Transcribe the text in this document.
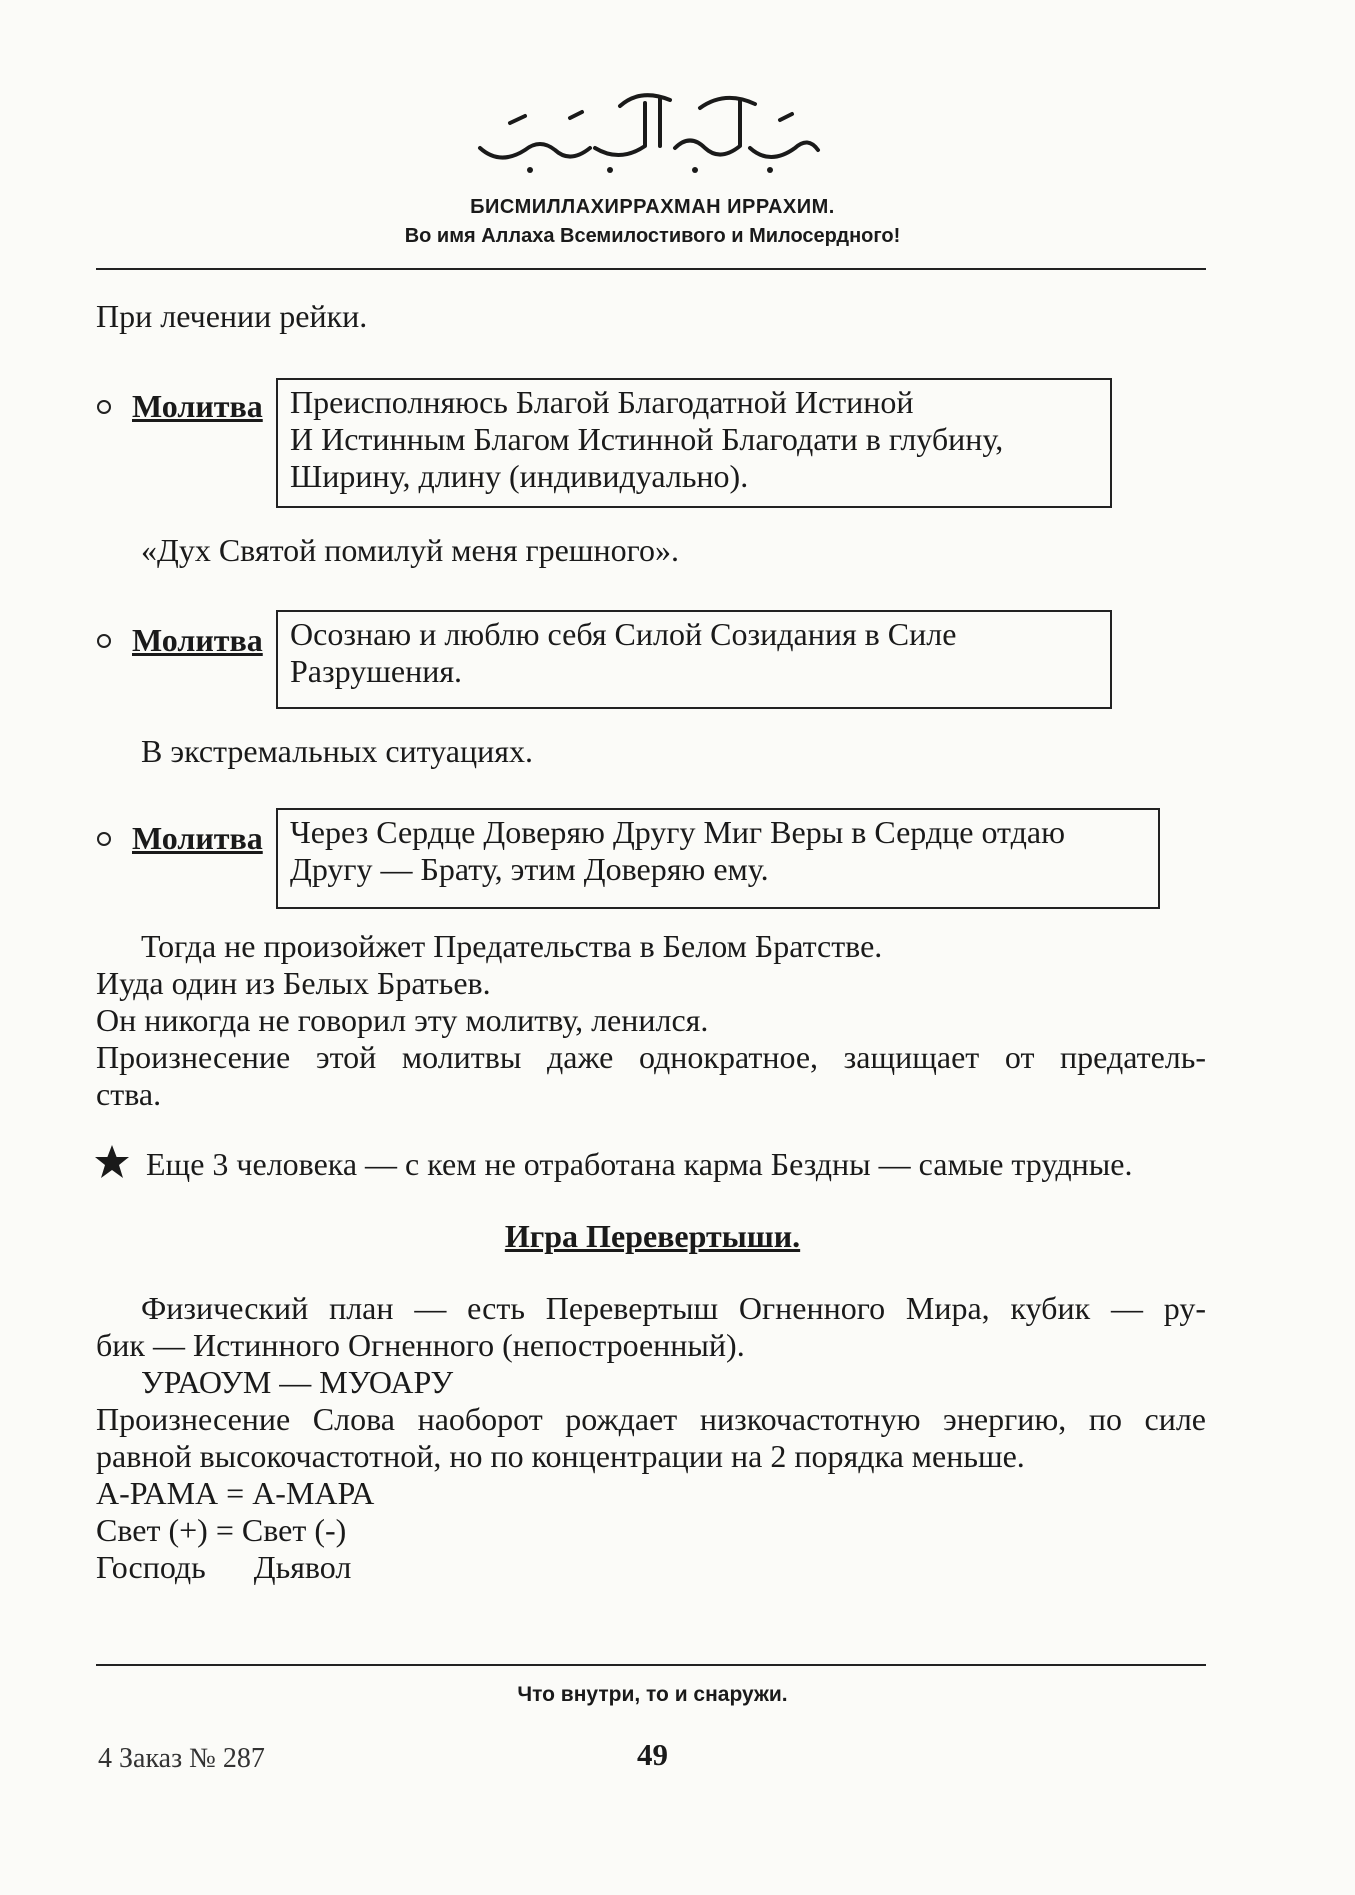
БИСМИЛЛАХИРРАХМАН ИРРАХИМ.
Во имя Аллаха Всемилостивого и Милосердного!
При лечении рейки.
Молитва Преисполняюсь Благой Благодатной Истиной
И Истинным Благом Истинной Благодати в глубину,
Ширину, длину (индивидуально).
«Дух Святой помилуй меня грешного».
Молитва Осознаю и люблю себя Силой Созидания в Силе
Разрушения.
В экстремальных ситуациях.
Молитва Через Сердце Доверяю Другу Миг Веры в Сердце отдаю
Другу — Брату, этим Доверяю ему.
Тогда не произойжет Предательства в Белом Братстве.
Иуда один из Белых Братьев.
Он никогда не говорил эту молитву, ленился.
Произнесение этой молитвы даже однократное, защищает от предатель-
ства.
Еще 3 человека — с кем не отработана карма Бездны — самые трудные.
Игра Перевертыши.
Физический план — есть Перевертыш Огненного Мира, кубик — ру-
бик — Истинного Огненного (непостроенный).
УРАОУМ — МУОАРУ
Произнесение Слова наоборот рождает низкочастотную энергию, по силе
равной высокочастотной, но по концентрации на 2 порядка меньше.
А-РАМА = А-МАРА
Свет (+) = Свет (-)
Господь      Дьявол
Что внутри, то и снаружи.
4 Заказ № 287	49
